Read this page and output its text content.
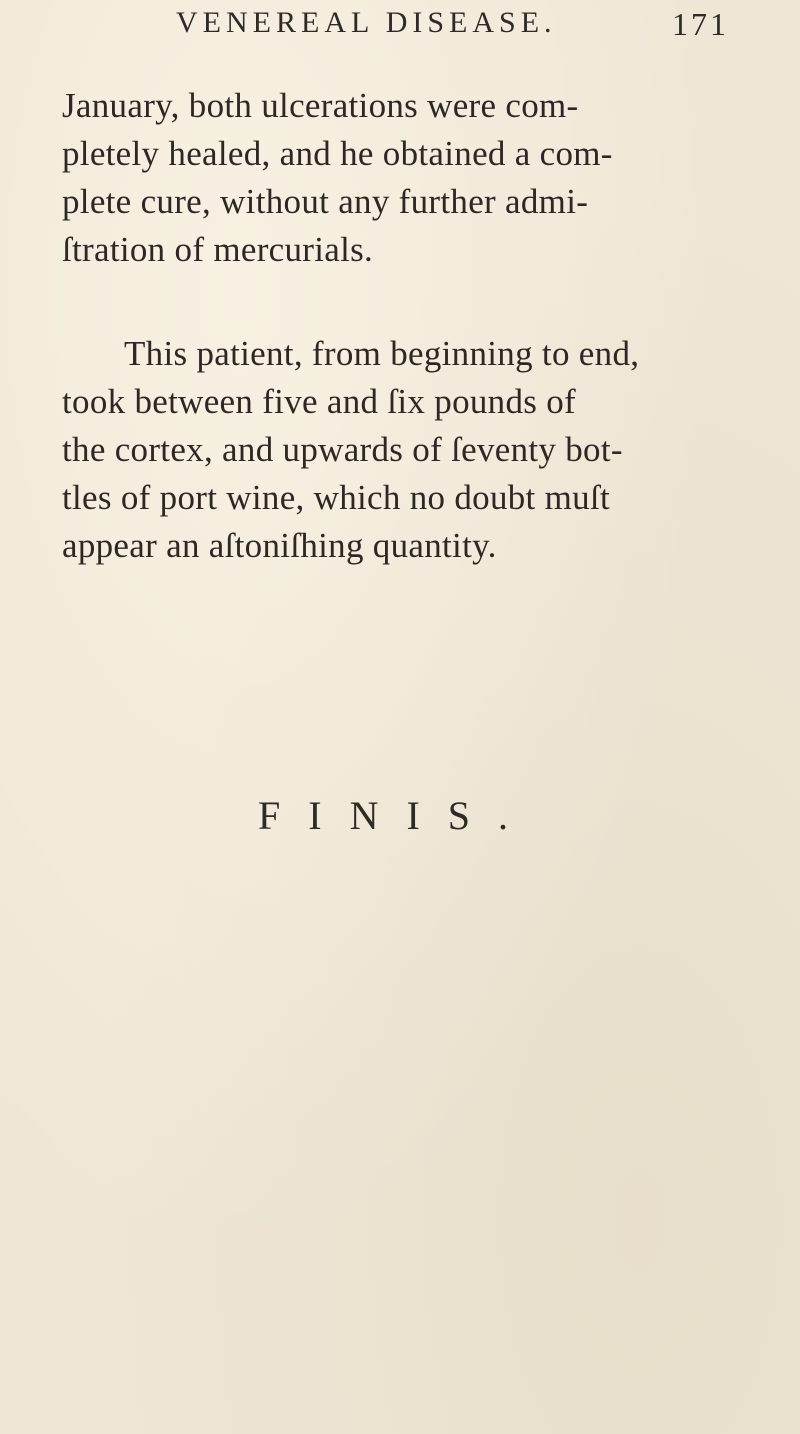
VENEREAL DISEASE.	171
January, both ulcerations were com-
pletely healed, and he obtained a com-
plete cure, without any further admi-
ſtration of mercurials.
This patient, from beginning to end,
took between five and ſix pounds of
the corteх, and upwards of ſeventy bot-
tles of port wine, which no doubt muſt
appear an aſtoniſhing quantity.
FINIS.
